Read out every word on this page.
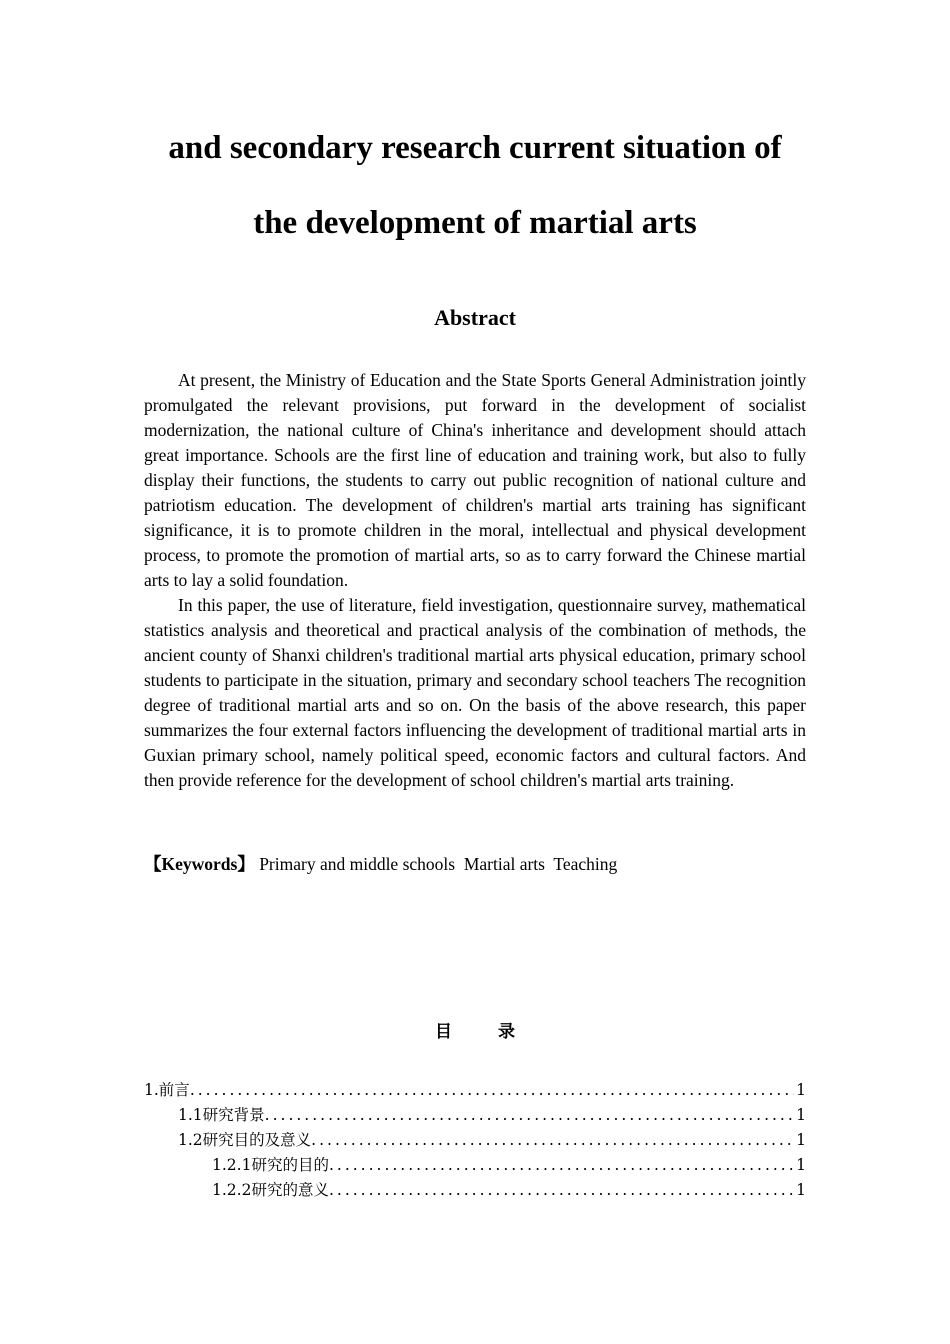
and secondary research current situation of
the development of martial arts
Abstract

At present, the Ministry of Education and the State Sports General Administration jointly promulgated the relevant provisions, put forward in the development of socialist modernization, the national culture of China's inheritance and development should attach great importance. Schools are the first line of education and training work, but also to fully display their functions, the students to carry out public recognition of national culture and patriotism education. The development of children's martial arts training has significant significance, it is to promote children in the moral, intellectual and physical development process, to promote the promotion of martial arts, so as to carry forward the Chinese martial arts to lay a solid foundation.

In this paper, the use of literature, field investigation, questionnaire survey, mathematical statistics analysis and theoretical and practical analysis of the combination of methods, the ancient county of Shanxi children's traditional martial arts physical education, primary school students to participate in the situation, primary and secondary school teachers The recognition degree of traditional martial arts and so on. On the basis of the above research, this paper summarizes the four external factors influencing the development of traditional martial arts in Guxian primary school, namely political speed, economic factors and cultural factors. And then provide reference for the development of school children's martial arts training.

【Keywords】 Primary and middle schools  Martial arts  Teaching
目 录
1. 前言 .....	1
1.1 研究背景 .....	1
1.2 研究目的及意义 .....	1
1.2.1 研究的目的 .....	1
1.2.2 研究的意义 .....	1
